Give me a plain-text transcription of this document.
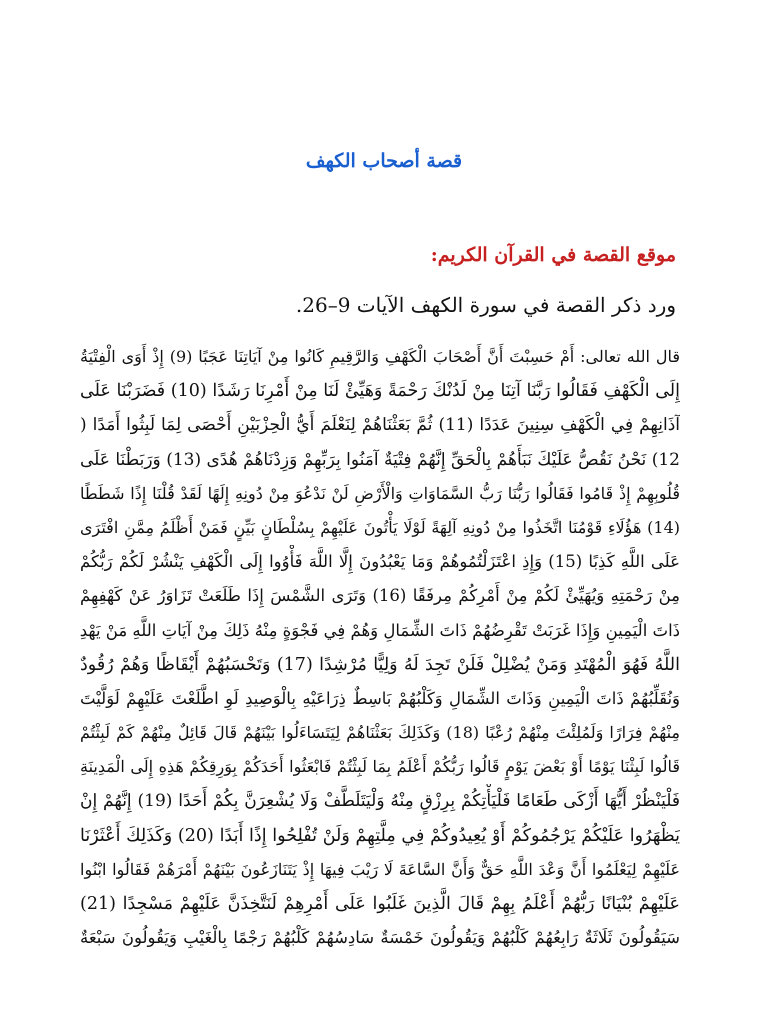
قصة أصحاب الكهف
موقع القصة في القرآن الكريم:

ورد ذكر القصة في سورة الكهف الآيات 9–26.

قال الله تعالى: أَمْ حَسِبْتَ أَنَّ أَصْحَابَ الْكَهْفِ وَالرَّقِيمِ كَانُوا مِنْ آيَاتِنَا عَجَبًا (9) إِذْ أَوَى الْفِتْيَةُ
إِلَى الْكَهْفِ فَقَالُوا رَبَّنَا آتِنَا مِنْ لَدُنْكَ رَحْمَةً وَهَيِّئْ لَنَا مِنْ أَمْرِنَا رَشَدًا (10) فَضَرَبْنَا عَلَى
آذَانِهِمْ فِي الْكَهْفِ سِنِينَ عَدَدًا (11) ثُمَّ بَعَثْنَاهُمْ لِنَعْلَمَ أَيُّ الْحِزْبَيْنِ أَحْصَى لِمَا لَبِثُوا أَمَدًا (
12) نَحْنُ نَقُصُّ عَلَيْكَ نَبَأَهُمْ بِالْحَقِّ إِنَّهُمْ فِتْيَةٌ آمَنُوا بِرَبِّهِمْ وَزِدْنَاهُمْ هُدًى (13) وَرَبَطْنَا عَلَى
قُلُوبِهِمْ إِذْ قَامُوا فَقَالُوا رَبُّنَا رَبُّ السَّمَاوَاتِ وَالْأَرْضِ لَنْ نَدْعُوَ مِنْ دُونِهِ إِلَهًا لَقَدْ قُلْنَا إِذًا شَطَطًا
(14) هَؤُلَاءِ قَوْمُنَا اتَّخَذُوا مِنْ دُونِهِ آلِهَةً لَوْلَا يَأْتُونَ عَلَيْهِمْ بِسُلْطَانٍ بَيِّنٍ فَمَنْ أَظْلَمُ مِمَّنِ افْتَرَى
عَلَى اللَّهِ كَذِبًا (15) وَإِذِ اعْتَزَلْتُمُوهُمْ وَمَا يَعْبُدُونَ إِلَّا اللَّهَ فَأْوُوا إِلَى الْكَهْفِ يَنْشُرْ لَكُمْ رَبُّكُمْ
مِنْ رَحْمَتِهِ وَيُهَيِّئْ لَكُمْ مِنْ أَمْرِكُمْ مِرفَقًا (16) وَتَرَى الشَّمْسَ إِذَا طَلَعَتْ تَزَاوَرُ عَنْ كَهْفِهِمْ
ذَاتَ الْيَمِينِ وَإِذَا غَرَبَتْ تَقْرِضُهُمْ ذَاتَ الشِّمَالِ وَهُمْ فِي فَجْوَةٍ مِنْهُ ذَلِكَ مِنْ آيَاتِ اللَّهِ مَنْ يَهْدِ
اللَّهُ فَهُوَ الْمُهْتَدِ وَمَنْ يُضْلِلْ فَلَنْ تَجِدَ لَهُ وَلِيًّا مُرْشِدًا (17) وَتَحْسَبُهُمْ أَيْقَاظًا وَهُمْ رُقُودٌ
وَنُقَلِّبُهُمْ ذَاتَ الْيَمِينِ وَذَاتَ الشِّمَالِ وَكَلْبُهُمْ بَاسِطٌ ذِرَاعَيْهِ بِالْوَصِيدِ لَوِ اطَّلَعْتَ عَلَيْهِمْ لَوَلَّيْتَ
مِنْهُمْ فِرَارًا وَلَمُلِئْتَ مِنْهُمْ رُعْبًا (18) وَكَذَلِكَ بَعَثْنَاهُمْ لِيَتَسَاءَلُوا بَيْنَهُمْ قَالَ قَائِلٌ مِنْهُمْ كَمْ لَبِثْتُمْ
قَالُوا لَبِثْنَا يَوْمًا أَوْ بَعْضَ يَوْمٍ قَالُوا رَبُّكُمْ أَعْلَمُ بِمَا لَبِثْتُمْ فَابْعَثُوا أَحَدَكُمْ بِوَرِقِكُمْ هَذِهِ إِلَى الْمَدِينَةِ
فَلْيَنْظُرْ أَيُّهَا أَزْكَى طَعَامًا فَلْيَأْتِكُمْ بِرِزْقٍ مِنْهُ وَلْيَتَلَطَّفْ وَلَا يُشْعِرَنَّ بِكُمْ أَحَدًا (19) إِنَّهُمْ إِنْ
يَظْهَرُوا عَلَيْكُمْ يَرْجُمُوكُمْ أَوْ يُعِيدُوكُمْ فِي مِلَّتِهِمْ وَلَنْ تُفْلِحُوا إِذًا أَبَدًا (20) وَكَذَلِكَ أَعْثَرْنَا
عَلَيْهِمْ لِيَعْلَمُوا أَنَّ وَعْدَ اللَّهِ حَقٌّ وَأَنَّ السَّاعَةَ لَا رَيْبَ فِيهَا إِذْ يَتَنَازَعُونَ بَيْنَهُمْ أَمْرَهُمْ فَقَالُوا ابْنُوا
عَلَيْهِمْ بُنْيَانًا رَبُّهُمْ أَعْلَمُ بِهِمْ قَالَ الَّذِينَ غَلَبُوا عَلَى أَمْرِهِمْ لَنَتَّخِذَنَّ عَلَيْهِمْ مَسْجِدًا (21)
سَيَقُولُونَ ثَلَاثَةٌ رَابِعُهُمْ كَلْبُهُمْ وَيَقُولُونَ خَمْسَةٌ سَادِسُهُمْ كَلْبُهُمْ رَجْمًا بِالْغَيْبِ وَيَقُولُونَ سَبْعَةٌ
